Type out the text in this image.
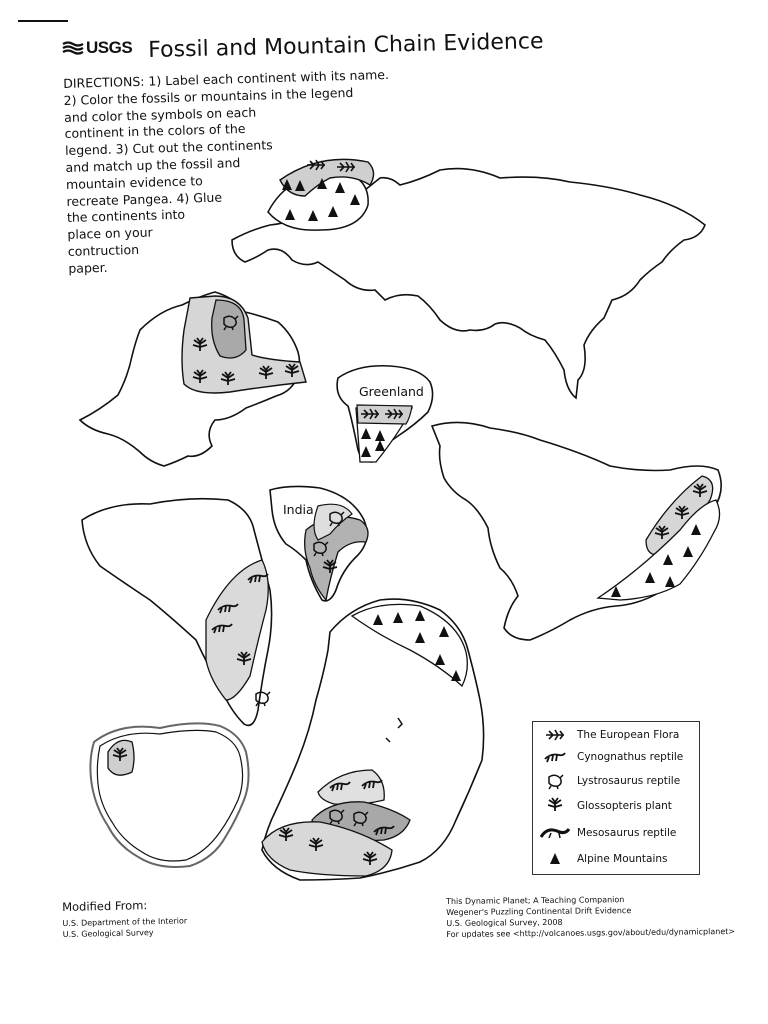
USGS Fossil and Mountain Chain Evidence
DIRECTIONS: 1) Label each continent with its name.
2) Color the fossils or mountains in the legend
and color the symbols on each
continent in the colors of the
legend. 3) Cut out the continents
and match up the fossil and
mountain evidence to
recreate Pangea. 4) Glue
the continents into
place on your
contruction
paper.
Greenland
India
The European Flora
Cynognathus reptile
Lystrosaurus reptile
Glossopteris plant
Mesosaurus reptile
Alpine Mountains
Modified From:
U.S. Department of the Interior
U.S. Geological Survey
This Dynamic Planet; A Teaching Companion
Wegener's Puzzling Continental Drift Evidence
U.S. Geological Survey, 2008
For updates see <http://volcanoes.usgs.gov/about/edu/dynamicplanet>
